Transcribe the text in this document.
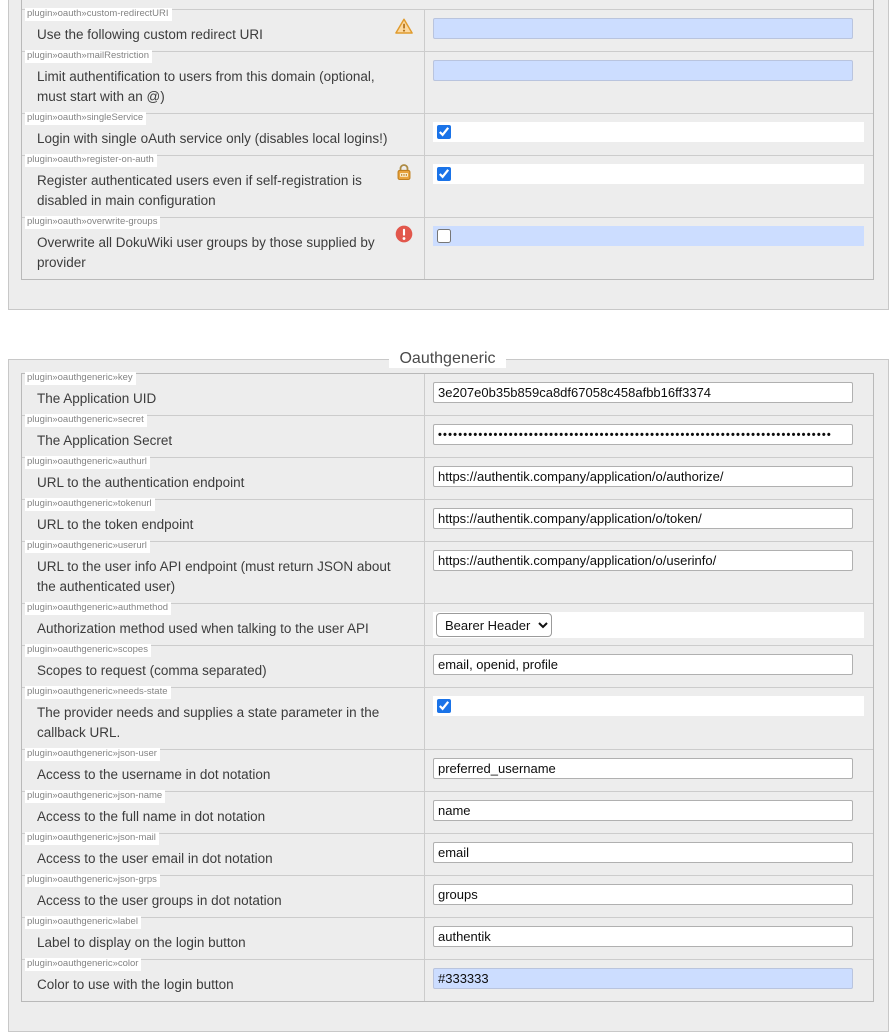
plugin»oauth»custom-redirectURI
Use the following custom redirect URI
plugin»oauth»mailRestriction
Limit authentification to users from this domain (optional, must start with an @)
plugin»oauth»singleService
Login with single oAuth service only (disables local logins!)
plugin»oauth»register-on-auth
Register authenticated users even if self-registration is disabled in main configuration
plugin»oauth»overwrite-groups
Overwrite all DokuWiki user groups by those supplied by provider
Oauthgeneric
plugin»oauthgeneric»key
The Application UID
3e207e0b35b859ca8df67058c458afbb16ff3374
plugin»oauthgeneric»secret
The Application Secret
••••••••••••••••••••••••••••••••••••••••••••••••••••••••••••••••••••••••••••••
plugin»oauthgeneric»authurl
URL to the authentication endpoint
https://authentik.company/application/o/authorize/
plugin»oauthgeneric»tokenurl
URL to the token endpoint
https://authentik.company/application/o/token/
plugin»oauthgeneric»userurl
URL to the user info API endpoint (must return JSON about the authenticated user)
https://authentik.company/application/o/userinfo/
plugin»oauthgeneric»authmethod
Authorization method used when talking to the user API
Bearer Header
plugin»oauthgeneric»scopes
Scopes to request (comma separated)
email, openid, profile
plugin»oauthgeneric»needs-state
The provider needs and supplies a state parameter in the callback URL.
plugin»oauthgeneric»json-user
Access to the username in dot notation
preferred_username
plugin»oauthgeneric»json-name
Access to the full name in dot notation
name
plugin»oauthgeneric»json-mail
Access to the user email in dot notation
email
plugin»oauthgeneric»json-grps
Access to the user groups in dot notation
groups
plugin»oauthgeneric»label
Label to display on the login button
authentik
plugin»oauthgeneric»color
Color to use with the login button
#333333
